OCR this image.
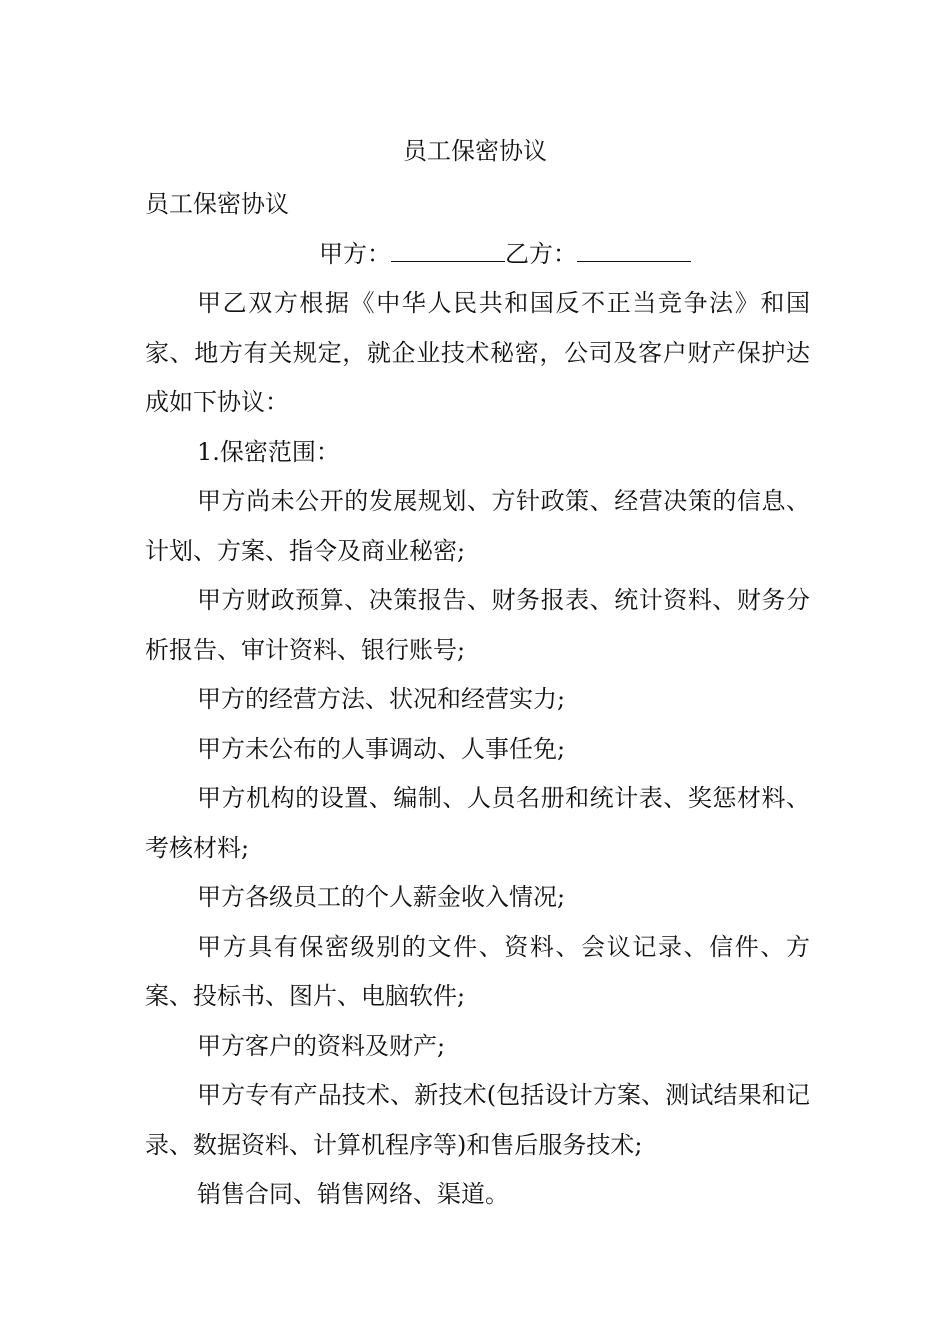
员工保密协议

员工保密协议

甲方：	乙方：

甲乙双方根据《中华人民共和国反不正当竞争法》和国家、地方有关规定，就企业技术秘密，公司及客户财产保护达成如下协议：

1.保密范围：

甲方尚未公开的发展规划、方针政策、经营决策的信息、计划、方案、指令及商业秘密;

甲方财政预算、决策报告、财务报表、统计资料、财务分析报告、审计资料、银行账号;

甲方的经营方法、状况和经营实力;

甲方未公布的人事调动、人事任免;

甲方机构的设置、编制、人员名册和统计表、奖惩材料、考核材料;

甲方各级员工的个人薪金收入情况;

甲方具有保密级别的文件、资料、会议记录、信件、方案、投标书、图片、电脑软件;

甲方客户的资料及财产;

甲方专有产品技术、新技术(包括设计方案、测试结果和记录、数据资料、计算机程序等)和售后服务技术;

销售合同、销售网络、渠道。
